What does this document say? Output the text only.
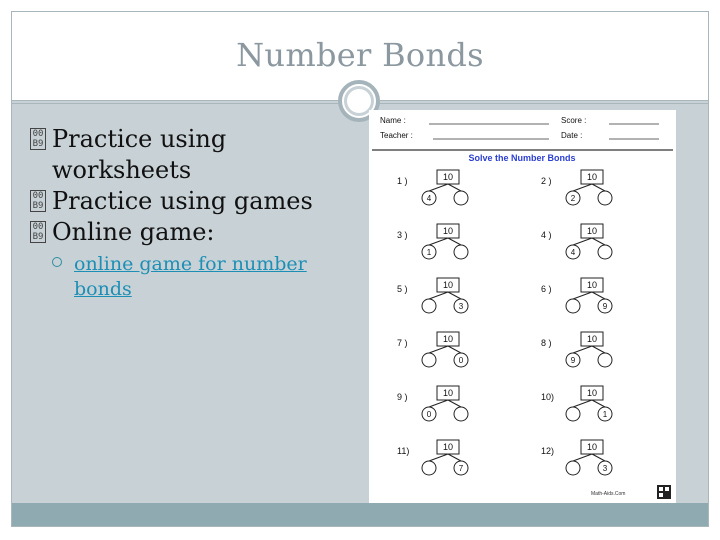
Number Bonds
00
B9 Practice using worksheets
00
B9 Practice using games
00
B9 Online game:
online game for number bonds
Name :
Teacher :
Score :
Date :
Solve the Number Bonds
1 )	10
4
2 )	10
2
3 )	10
1
4 )	10
4
5 )	10
3
6 )	10
9
7 )	10
0
8 )	10
9
9 )	10
0
10)	10
1
11)	10
7
12)	10
3
Math-Aids.Com
